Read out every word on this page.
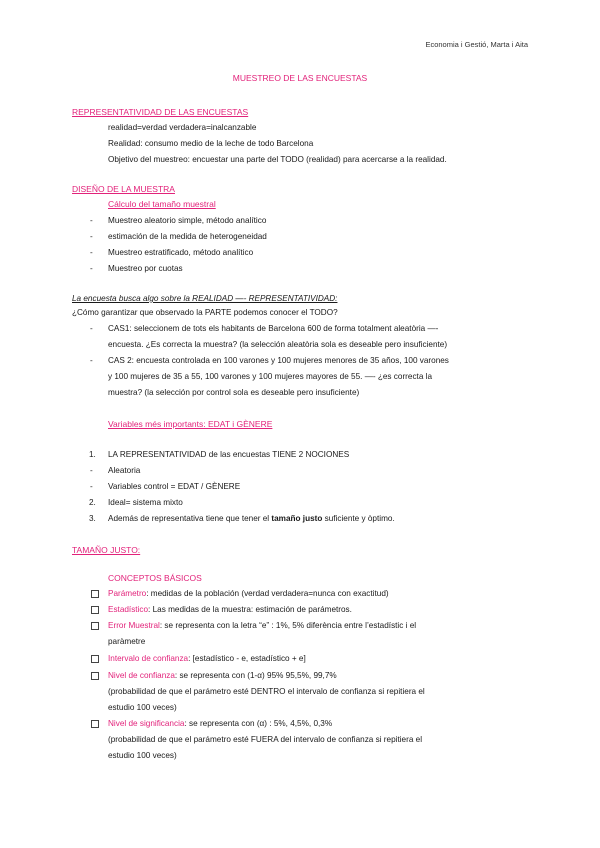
Economia i Gestió, Marta i Aita
MUESTREO DE LAS ENCUESTAS
REPRESENTATIVIDAD DE LAS ENCUESTAS
realidad=verdad verdadera=inalcanzable
Realidad: consumo medio de la leche de todo Barcelona
Objetivo del muestreo: encuestar una parte del TODO (realidad) para acercarse a la realidad.
DISEÑO DE LA MUESTRA
Cálculo del tamaño muestral
- Muestreo aleatorio simple, método analítico
- estimación de la medida de heterogeneidad
- Muestreo estratificado, método analítico
- Muestreo por cuotas
La encuesta busca algo sobre la REALIDAD —- REPRESENTATIVIDAD:
¿Cómo garantizar que observado la PARTE podemos conocer el TODO?
- CAS1: seleccionem de tots els habitants de Barcelona 600 de forma totalment aleatòria —-
encuesta. ¿Es correcta la muestra? (la selección aleatòria sola es deseable pero insuficiente)
- CAS 2: encuesta controlada en 100 varones y 100 mujeres menores de 35 años, 100 varones
y 100 mujeres de 35 a 55, 100 varones y 100 mujeres mayores de 55. —- ¿es correcta la
muestra? (la selección por control sola es deseable pero insuficiente)
Variables més importants: EDAT i GÈNERE
1. LA REPRESENTATIVIDAD de las encuestas TIENE 2 NOCIONES
- Aleatoria
- Variables control = EDAT / GÈNERE
2. Ideal= sistema mixto
3. Además de representativa tiene que tener el tamaño justo suficiente y òptimo.
TAMAÑO JUSTO:
CONCEPTOS BÁSICOS
Parámetro: medidas de la población (verdad verdadera=nunca con exactitud)
Estadístico: Las medidas de la muestra: estimación de parámetros.
Error Muestral: se representa con la letra “e” : 1%, 5% diferència entre l’estadístic i el
paràmetre
Intervalo de confianza: [estadístico - e, estadístico + e]
Nivel de confianza: se representa con (1-α) 95% 95,5%, 99,7%
(probabilidad de que el parámetro esté DENTRO el intervalo de confianza si repitiera el
estudio 100 veces)
Nivel de significancia: se representa con (α) : 5%, 4,5%, 0,3%
(probabilidad de que el parámetro esté FUERA del intervalo de confianza si repitiera el
estudio 100 veces)
